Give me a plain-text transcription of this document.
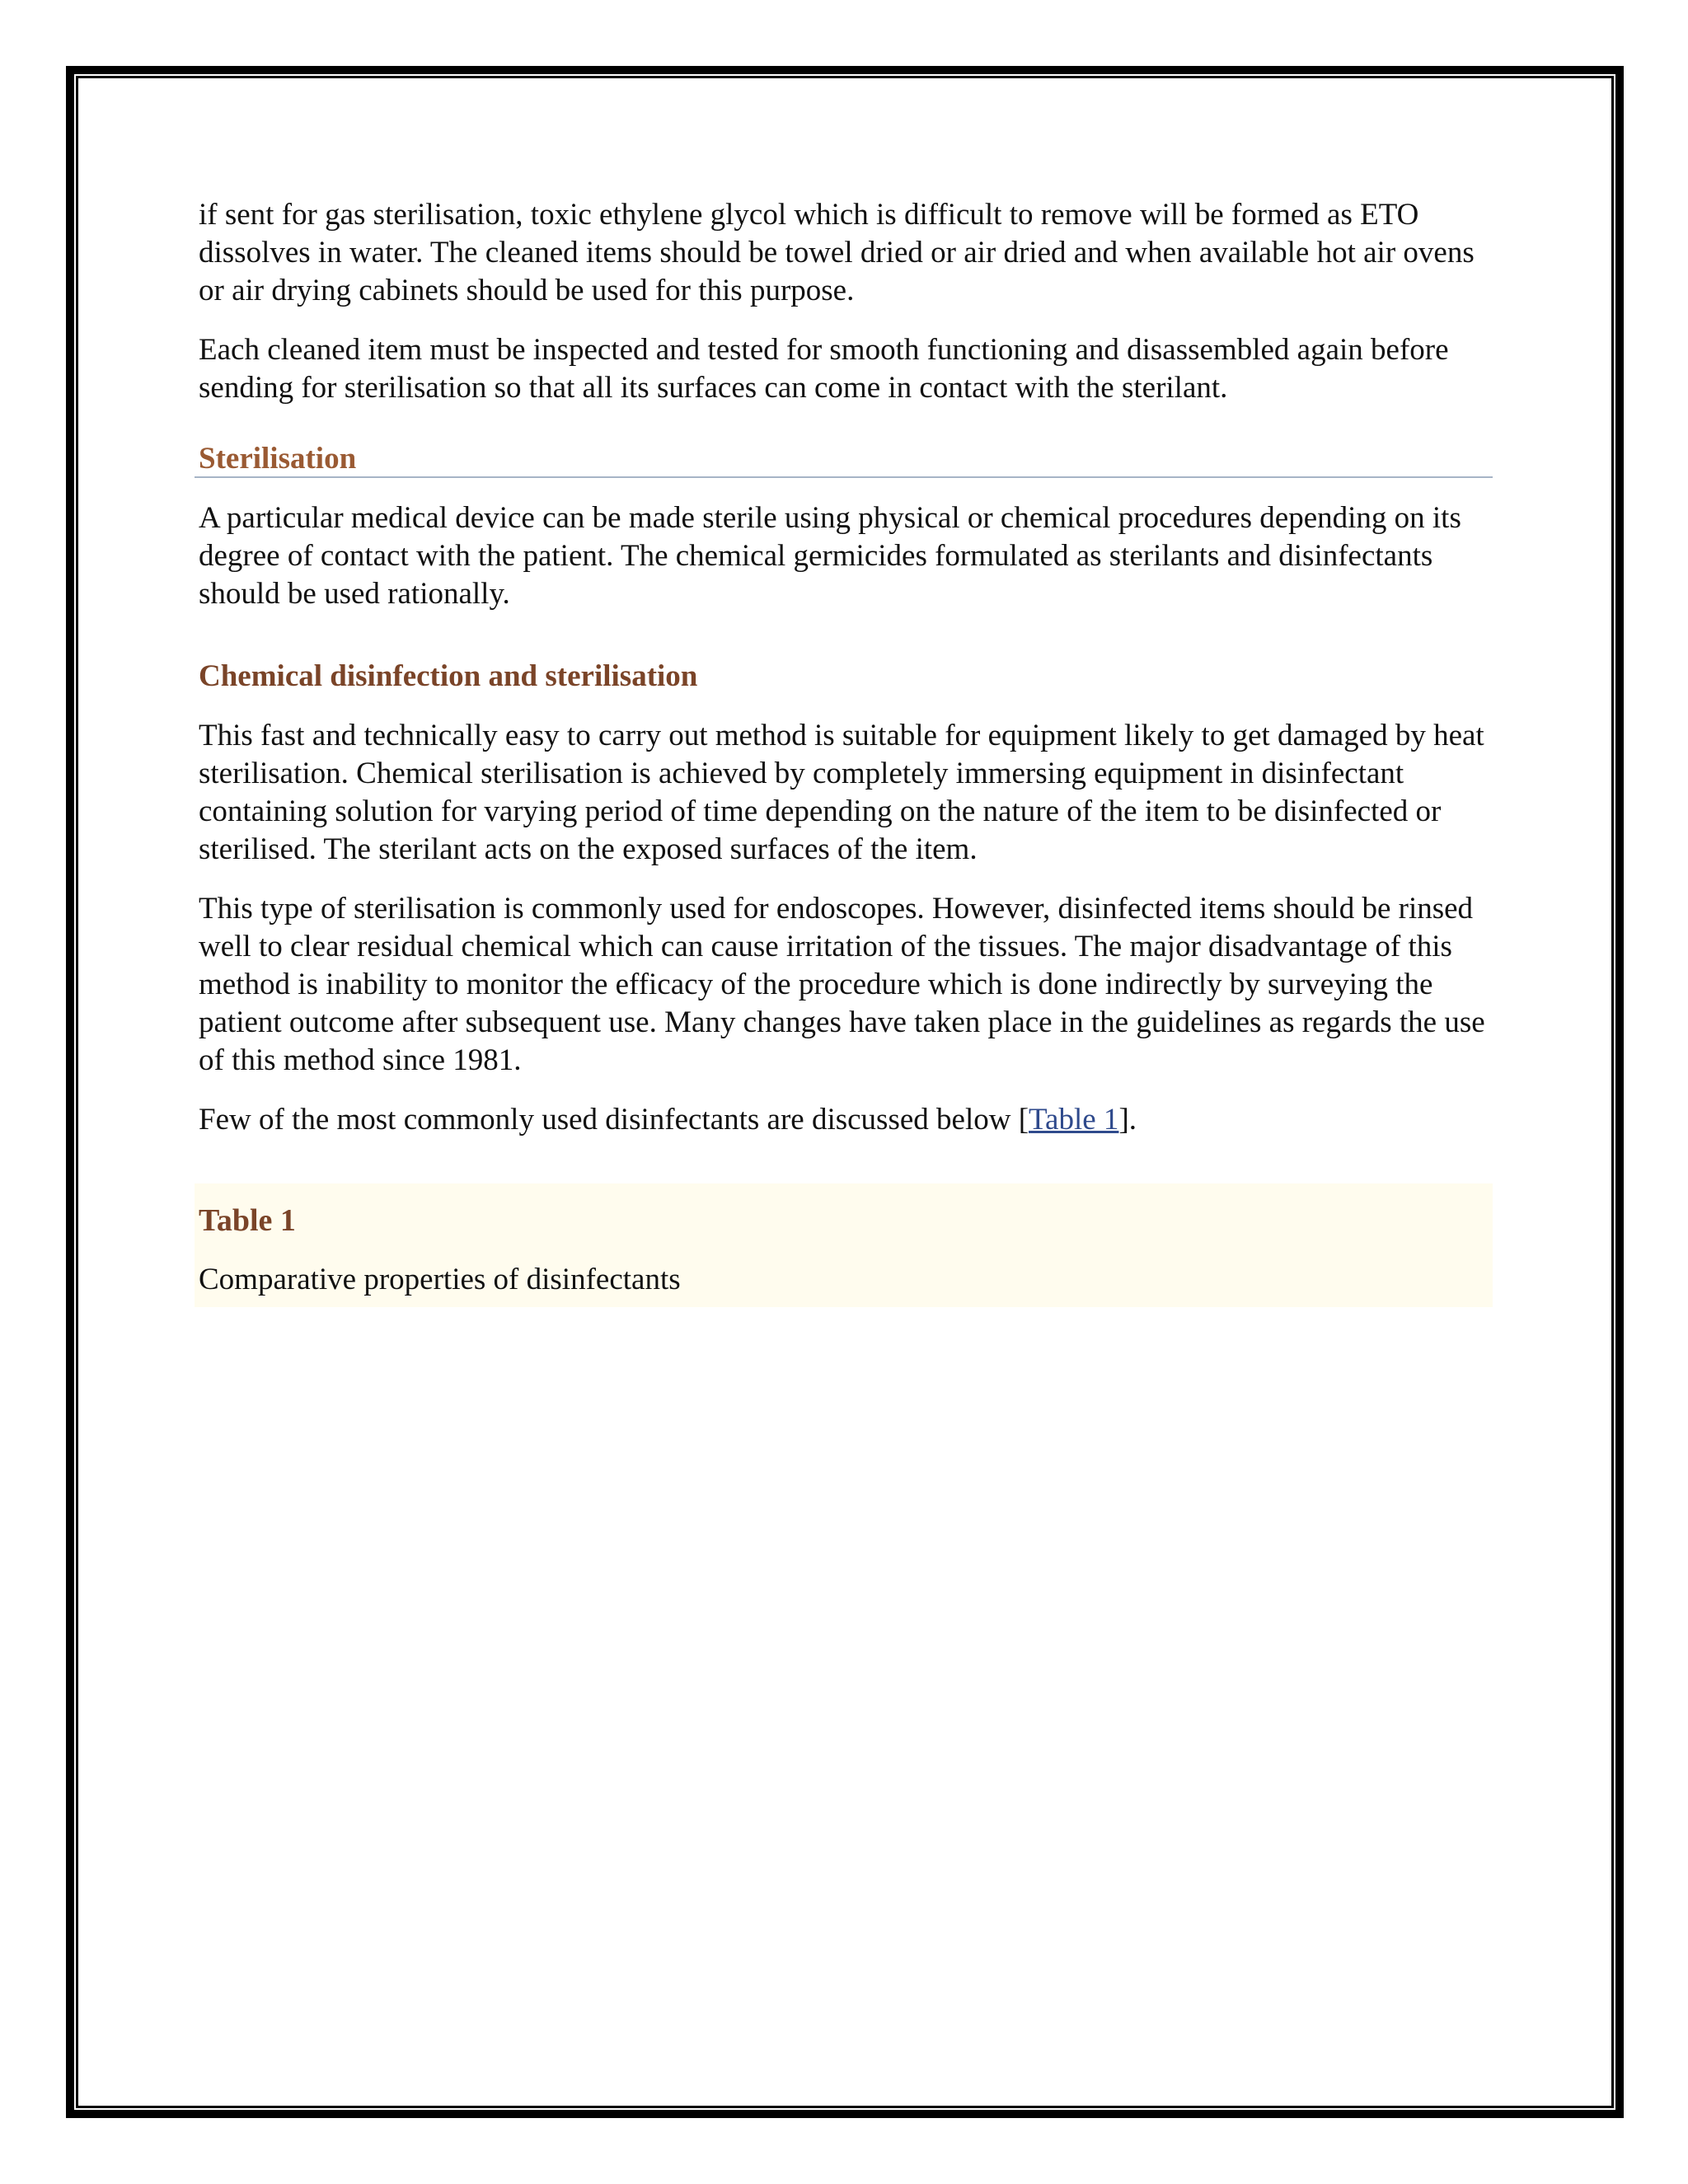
if sent for gas sterilisation, toxic ethylene glycol which is difficult to remove will be formed as ETO dissolves in water. The cleaned items should be towel dried or air dried and when available hot air ovens or air drying cabinets should be used for this purpose.

Each cleaned item must be inspected and tested for smooth functioning and disassembled again before sending for sterilisation so that all its surfaces can come in contact with the sterilant.

Sterilisation

A particular medical device can be made sterile using physical or chemical procedures depending on its degree of contact with the patient. The chemical germicides formulated as sterilants and disinfectants should be used rationally.

Chemical disinfection and sterilisation

This fast and technically easy to carry out method is suitable for equipment likely to get damaged by heat sterilisation. Chemical sterilisation is achieved by completely immersing equipment in disinfectant containing solution for varying period of time depending on the nature of the item to be disinfected or sterilised. The sterilant acts on the exposed surfaces of the item.

This type of sterilisation is commonly used for endoscopes. However, disinfected items should be rinsed well to clear residual chemical which can cause irritation of the tissues. The major disadvantage of this method is inability to monitor the efficacy of the procedure which is done indirectly by surveying the patient outcome after subsequent use. Many changes have taken place in the guidelines as regards the use of this method since 1981.

Few of the most commonly used disinfectants are discussed below [Table 1].

Table 1

Comparative properties of disinfectants
